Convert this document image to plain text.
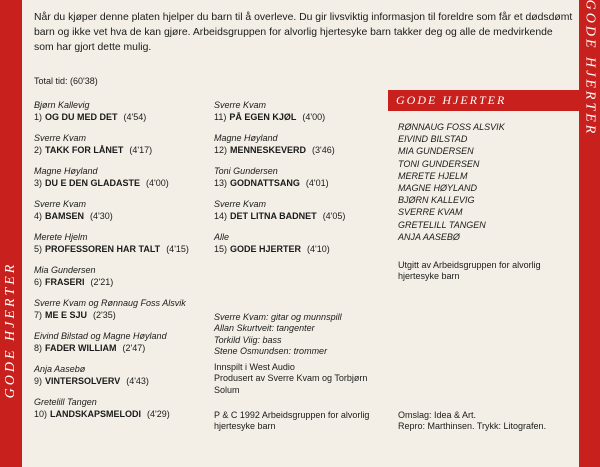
GODE HJERTER
GODE HJERTER

Når du kjøper denne platen hjelper du barn til å overleve. Du gir livsviktig informasjon til foreldre som får et dødsdømt barn og ikke vet hva de kan gjøre. Arbeidsgruppen for alvorlig hjertesyke barn takker deg og alle de medvirkende som har gjort dette mulig.

Total tid: (60'38)
Bjørn Kallevig
1) OG DU MED DET (4'54)
Sverre Kvam
2) TAKK FOR LÅNET (4'17)
Magne Høyland
3) DU E DEN GLADASTE (4'00)
Sverre Kvam
4) BAMSEN (4'30)
Merete Hjelm
5) PROFESSOREN HAR TALT (4'15)
Mia Gundersen
6) FRASERI (2'21)
Sverre Kvam og Rønnaug Foss Alsvik
7) ME E SJU (2'35)
Eivind Bilstad og Magne Høyland
8) FADER WILLIAM (2'47)
Anja Aasebø
9) VINTERSOLVERV (4'43)
Gretelill Tangen
10) LANDSKAPSMELODI (4'29)
Sverre Kvam
11) PÅ EGEN KJØL (4'00)
Magne Høyland
12) MENNESKEVERD (3'46)
Toni Gundersen
13) GODNATTSANG (4'01)
Sverre Kvam
14) DET LITNA BADNET (4'05)
Alle
15) GODE HJERTER (4'10)
Sverre Kvam: gitar og munnspill
Allan Skurtveit: tangenter
Torkild Viig: bass
Stene Osmundsen: trommer
Innspilt i West Audio
Produsert av Sverre Kvam og Torbjørn
Solum
P & C 1992 Arbeidsgruppen for alvorlig
hjertesyke barn
GODE HJERTER
RØNNAUG FOSS ALSVIK
EIVIND BILSTAD
MIA GUNDERSEN
TONI GUNDERSEN
MERETE HJELM
MAGNE HØYLAND
BJØRN KALLEVIG
SVERRE KVAM
GRETELILL TANGEN
ANJA AASEBØ
Utgitt av Arbeidsgruppen for alvorlig
hjertesyke barn
Omslag: Idea & Art.
Repro: Marthinsen. Trykk: Litografen.
